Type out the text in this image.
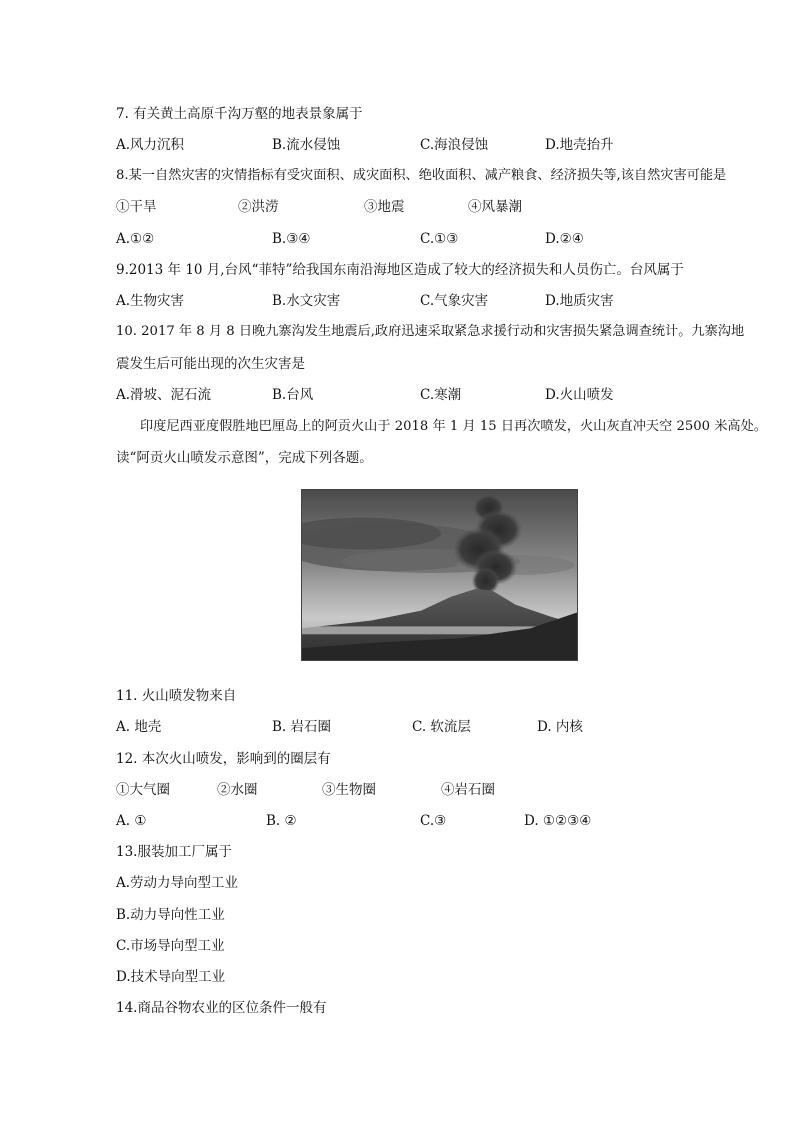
7. 有关黄土高原千沟万壑的地表景象属于
A.风力沉积	B.流水侵蚀	C.海浪侵蚀	D.地壳抬升
8.某一自然灾害的灾情指标有受灾面积、成灾面积、绝收面积、减产粮食、经济损失等,该自然灾害可能是
①干旱	②洪涝	③地震	④风暴潮
A.①②	B.③④	C.①③	D.②④
9.2013 年 10 月,台风“菲特”给我国东南沿海地区造成了较大的经济损失和人员伤亡。台风属于
A.生物灾害	B.水文灾害	C.气象灾害	D.地质灾害
10. 2017 年 8 月 8 日晚九寨沟发生地震后,政府迅速采取紧急求援行动和灾害损失紧急调查统计。九寨沟地
震发生后可能出现的次生灾害是
A.滑坡、泥石流	B.台风	C.寒潮	D.火山喷发
印度尼西亚度假胜地巴厘岛上的阿贡火山于 2018 年 1 月 15 日再次喷发，火山灰直冲天空 2500 米高处。
读“阿贡火山喷发示意图”，完成下列各题。
11. 火山喷发物来自
A. 地壳	B. 岩石圈	C. 软流层	D. 内核
12. 本次火山喷发，影响到的圈层有
①大气圈	②水圈	③生物圈	④岩石圈
A. ①	B. ②	C.③	D. ①②③④
13.服装加工厂属于
A.劳动力导向型工业
B.动力导向性工业
C.市场导向型工业
D.技术导向型工业
14.商品谷物农业的区位条件一般有
